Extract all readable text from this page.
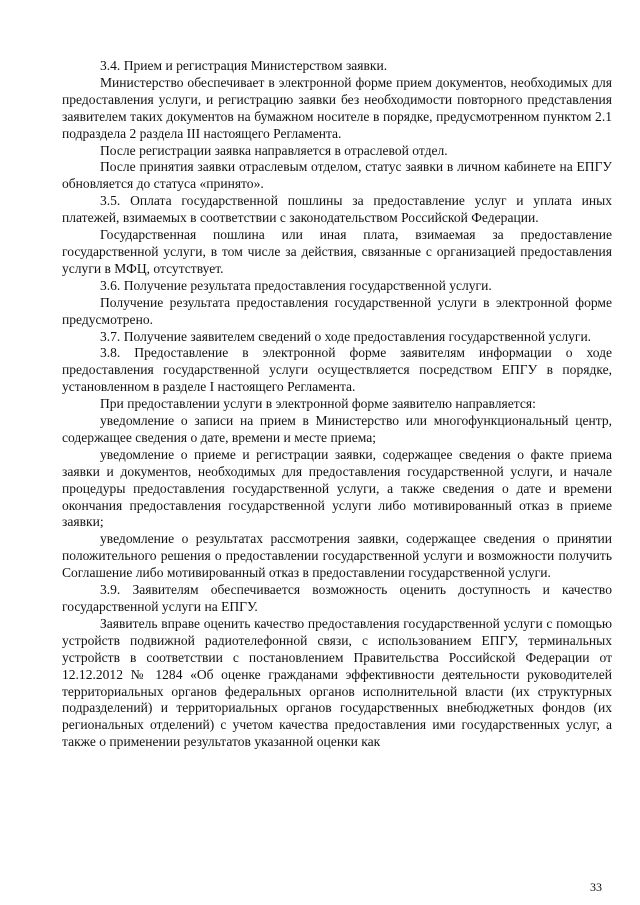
3.4. Прием и регистрация Министерством заявки.

Министерство обеспечивает в электронной форме прием документов, необходимых для предоставления услуги, и регистрацию заявки без необходимости повторного представления заявителем таких документов на бумажном носителе в порядке, предусмотренном пунктом 2.1 подраздела 2 раздела III настоящего Регламента.

После регистрации заявка направляется в отраслевой отдел.

После принятия заявки отраслевым отделом, статус заявки в личном кабинете на ЕПГУ обновляется до статуса «принято».

3.5. Оплата государственной пошлины за предоставление услуг и уплата иных платежей, взимаемых в соответствии с законодательством Российской Федерации.

Государственная пошлина или иная плата, взимаемая за предоставление государственной услуги, в том числе за действия, связанные с организацией предоставления услуги в МФЦ, отсутствует.

3.6. Получение результата предоставления государственной услуги.

Получение результата предоставления государственной услуги в электронной форме предусмотрено.

3.7. Получение заявителем сведений о ходе предоставления государственной услуги.

3.8. Предоставление в электронной форме заявителям информации о ходе предоставления государственной услуги осуществляется посредством ЕПГУ в порядке, установленном в разделе I настоящего Регламента.

При предоставлении услуги в электронной форме заявителю направляется:

уведомление о записи на прием в Министерство или многофункциональный центр, содержащее сведения о дате, времени и месте приема;

уведомление о приеме и регистрации заявки, содержащее сведения о факте приема заявки и документов, необходимых для предоставления государственной услуги, и начале процедуры предоставления государственной услуги, а также сведения о дате и времени окончания предоставления государственной услуги либо мотивированный отказ в приеме заявки;

уведомление о результатах рассмотрения заявки, содержащее сведения о принятии положительного решения о предоставлении государственной услуги и возможности получить Соглашение либо мотивированный отказ в предоставлении государственной услуги.

3.9. Заявителям обеспечивается возможность оценить доступность и качество государственной услуги на ЕПГУ.

Заявитель вправе оценить качество предоставления государственной услуги с помощью устройств подвижной радиотелефонной связи, с использованием ЕПГУ, терминальных устройств в соответствии с постановлением Правительства Российской Федерации от 12.12.2012 № 1284 «Об оценке гражданами эффективности деятельности руководителей территориальных органов федеральных органов исполнительной власти (их структурных подразделений) и территориальных органов государственных внебюджетных фондов (их региональных отделений) с учетом качества предоставления ими государственных услуг, а также о применении результатов указанной оценки как

33
